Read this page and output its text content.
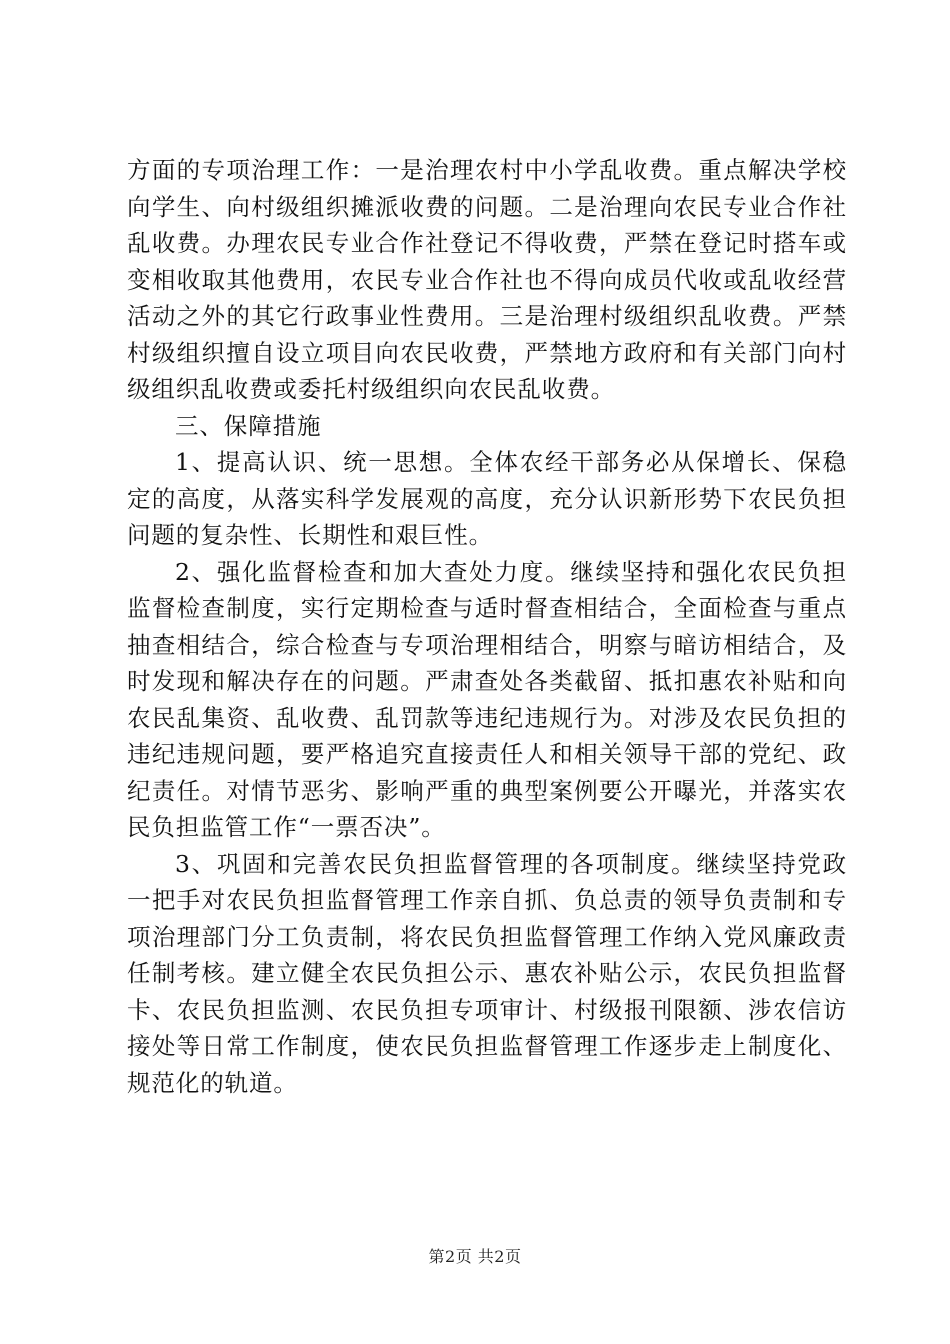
方面的专项治理工作：一是治理农村中小学乱收费。重点解决学校向学生、向村级组织摊派收费的问题。二是治理向农民专业合作社乱收费。办理农民专业合作社登记不得收费，严禁在登记时搭车或变相收取其他费用，农民专业合作社也不得向成员代收或乱收经营活动之外的其它行政事业性费用。三是治理村级组织乱收费。严禁村级组织擅自设立项目向农民收费，严禁地方政府和有关部门向村级组织乱收费或委托村级组织向农民乱收费。

三、保障措施

1、提高认识、统一思想。全体农经干部务必从保增长、保稳定的高度，从落实科学发展观的高度，充分认识新形势下农民负担问题的复杂性、长期性和艰巨性。

2、强化监督检查和加大查处力度。继续坚持和强化农民负担监督检查制度，实行定期检查与适时督查相结合，全面检查与重点抽查相结合，综合检查与专项治理相结合，明察与暗访相结合，及时发现和解决存在的问题。严肃查处各类截留、抵扣惠农补贴和向农民乱集资、乱收费、乱罚款等违纪违规行为。对涉及农民负担的违纪违规问题，要严格追究直接责任人和相关领导干部的党纪、政纪责任。对情节恶劣、影响严重的典型案例要公开曝光，并落实农民负担监管工作“一票否决”。

3、巩固和完善农民负担监督管理的各项制度。继续坚持党政一把手对农民负担监督管理工作亲自抓、负总责的领导负责制和专项治理部门分工负责制，将农民负担监督管理工作纳入党风廉政责任制考核。建立健全农民负担公示、惠农补贴公示，农民负担监督卡、农民负担监测、农民负担专项审计、村级报刊限额、涉农信访接处等日常工作制度，使农民负担监督管理工作逐步走上制度化、规范化的轨道。

第2页 共2页
